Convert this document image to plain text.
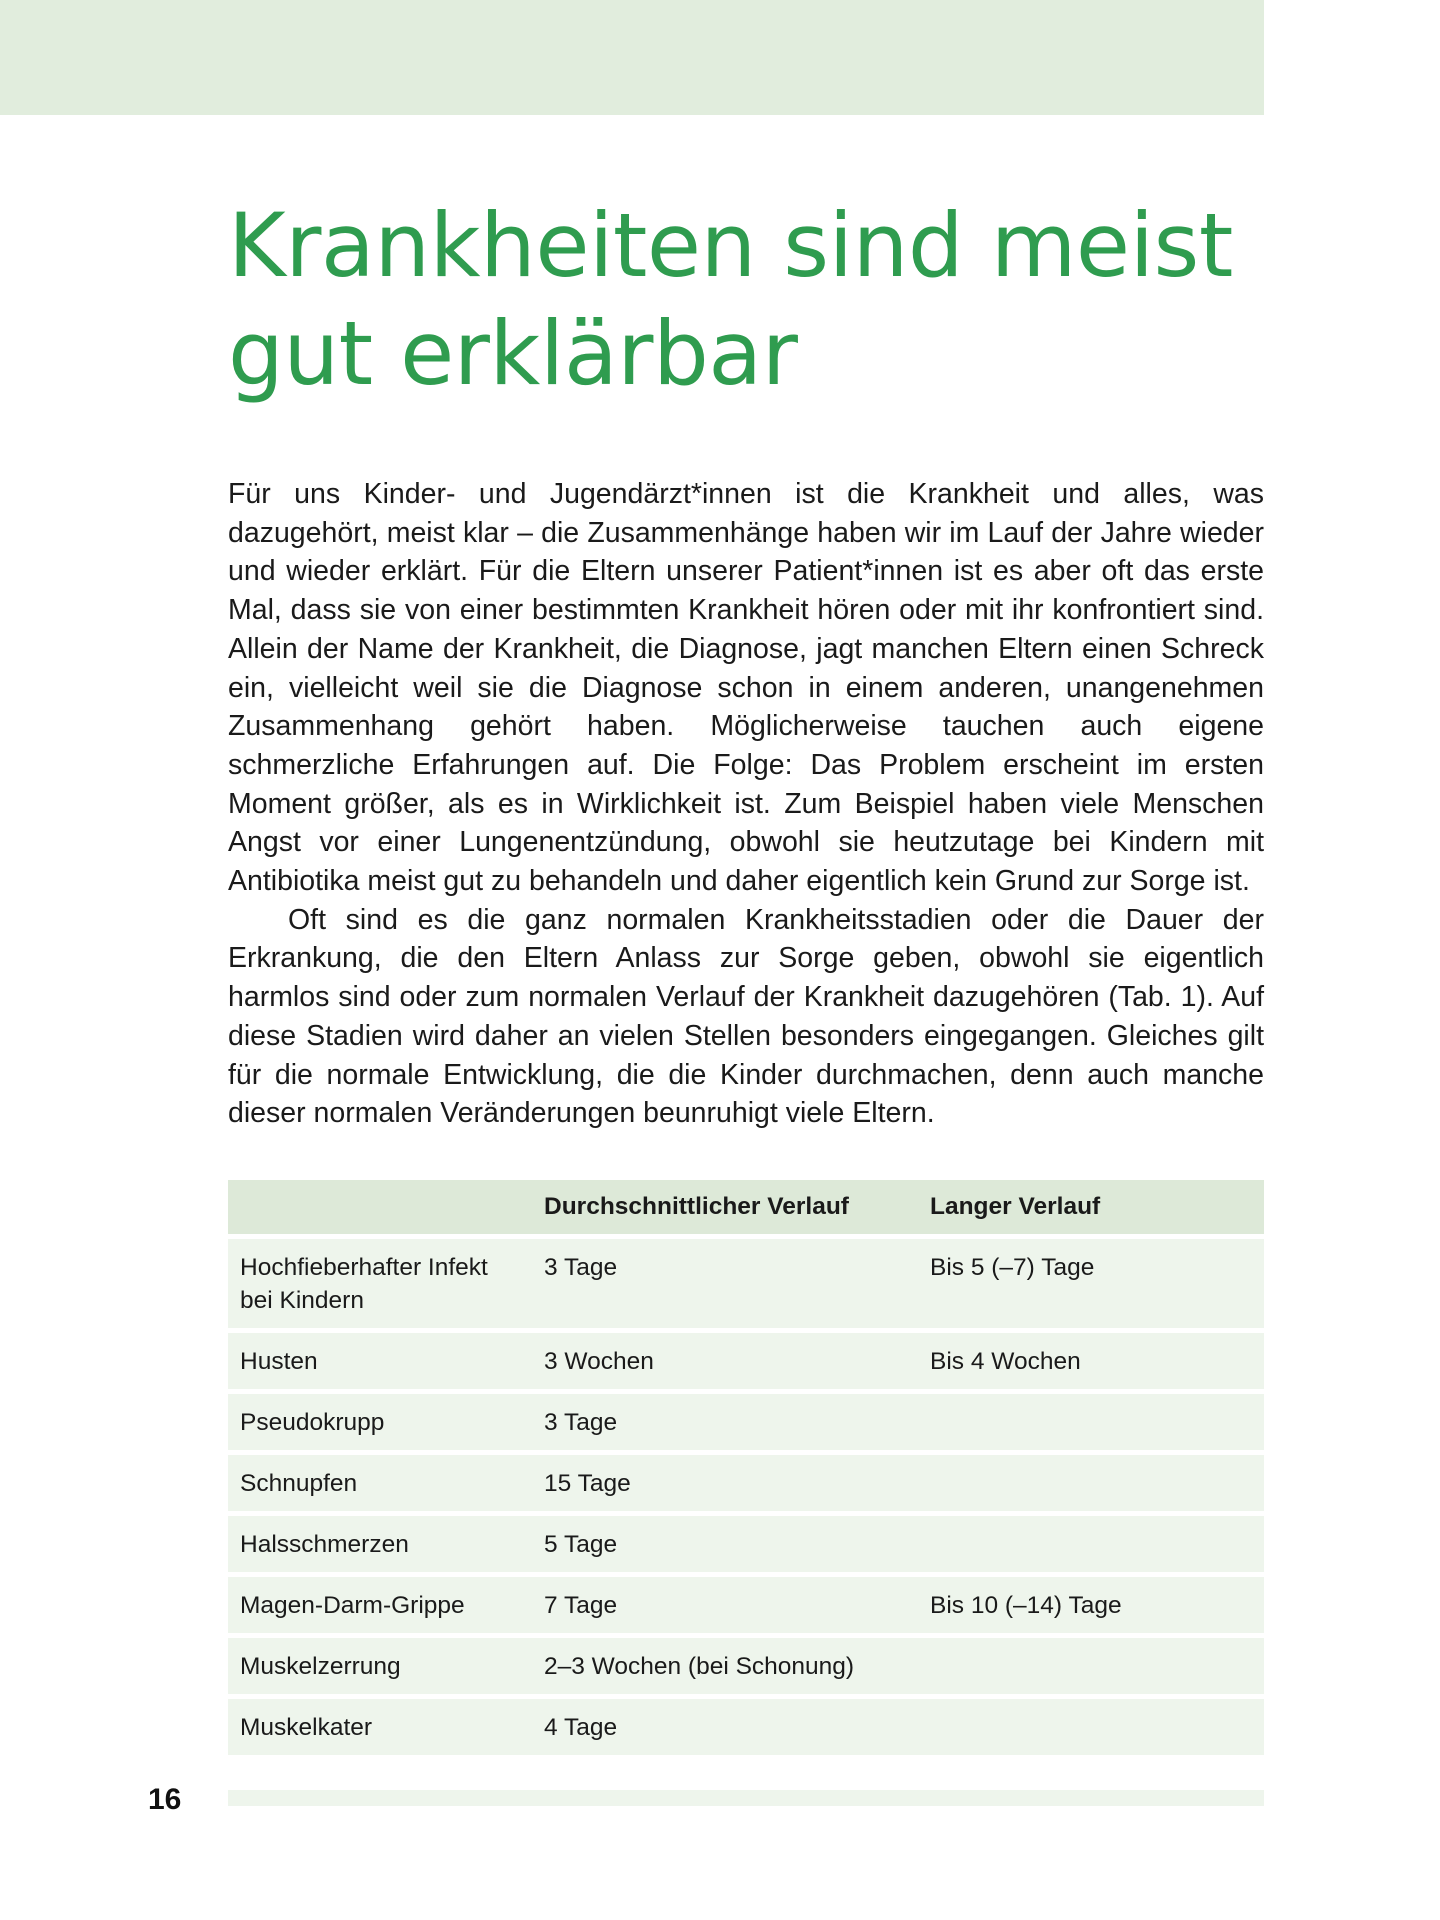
Krankheiten sind meist gut erklärbar

Für uns Kinder- und Jugendärzt*innen ist die Krankheit und alles, was dazugehört, meist klar – die Zusammenhänge haben wir im Lauf der Jahre wieder und wieder erklärt. Für die Eltern unserer Patient*innen ist es aber oft das erste Mal, dass sie von einer bestimmten Krankheit hören oder mit ihr konfrontiert sind. Allein der Name der Krankheit, die Diagnose, jagt manchen Eltern einen Schreck ein, vielleicht weil sie die Diagnose schon in einem anderen, unangenehmen Zusammenhang gehört haben. Möglicherweise tauchen auch eigene schmerzliche Erfahrungen auf. Die Folge: Das Problem erscheint im ersten Moment größer, als es in Wirklichkeit ist. Zum Beispiel haben viele Menschen Angst vor einer Lungenentzündung, obwohl sie heutzutage bei Kindern mit Antibiotika meist gut zu behandeln und daher eigentlich kein Grund zur Sorge ist.

Oft sind es die ganz normalen Krankheitsstadien oder die Dauer der Erkrankung, die den Eltern Anlass zur Sorge geben, obwohl sie eigentlich harmlos sind oder zum normalen Verlauf der Krankheit dazugehören (Tab. 1). Auf diese Stadien wird daher an vielen Stellen besonders eingegangen. Gleiches gilt für die normale Entwicklung, die die Kinder durchmachen, denn auch manche dieser normalen Veränderungen beunruhigt viele Eltern.

	Durchschnittlicher Verlauf	Langer Verlauf
Hochfieberhafter Infekt bei Kindern	3 Tage	Bis 5 (–7) Tage
Husten	3 Wochen	Bis 4 Wochen
Pseudokrupp	3 Tage	
Schnupfen	15 Tage	
Halsschmerzen	5 Tage	
Magen-Darm-Grippe	7 Tage	Bis 10 (–14) Tage
Muskelzerrung	2–3 Wochen (bei Schonung)	
Muskelkater	4 Tage	
16
